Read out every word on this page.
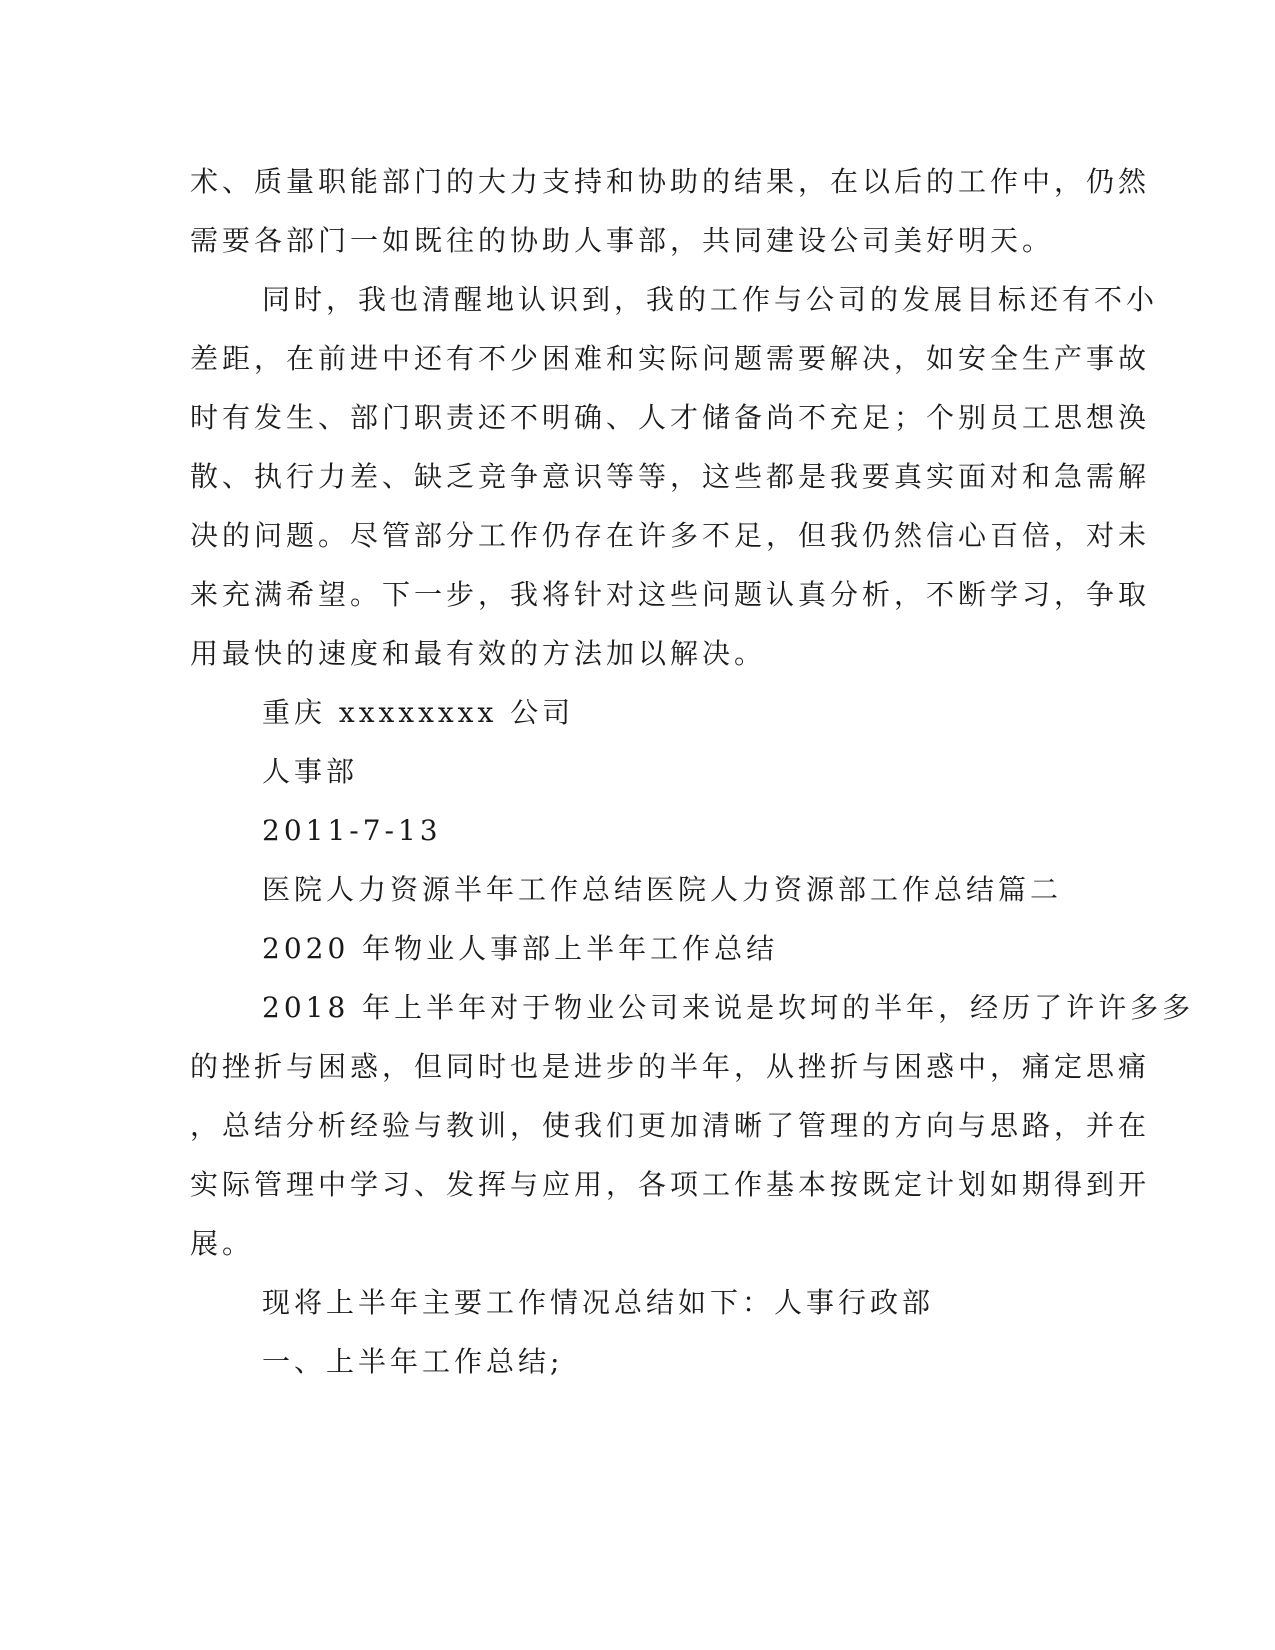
术、质量职能部门的大力支持和协助的结果，在以后的工作中，仍然

需要各部门一如既往的协助人事部，共同建设公司美好明天。

同时，我也清醒地认识到，我的工作与公司的发展目标还有不小

差距，在前进中还有不少困难和实际问题需要解决，如安全生产事故

时有发生、部门职责还不明确、人才储备尚不充足；个别员工思想涣

散、执行力差、缺乏竞争意识等等，这些都是我要真实面对和急需解

决的问题。尽管部分工作仍存在许多不足，但我仍然信心百倍，对未

来充满希望。下一步，我将针对这些问题认真分析，不断学习，争取

用最快的速度和最有效的方法加以解决。

重庆 xxxxxxxx 公司

人事部

2011-7-13

医院人力资源半年工作总结医院人力资源部工作总结篇二

2020 年物业人事部上半年工作总结

2018 年上半年对于物业公司来说是坎坷的半年，经历了许许多多

的挫折与困惑，但同时也是进步的半年，从挫折与困惑中，痛定思痛

，总结分析经验与教训，使我们更加清晰了管理的方向与思路，并在

实际管理中学习、发挥与应用，各项工作基本按既定计划如期得到开

展。

现将上半年主要工作情况总结如下：人事行政部

一、上半年工作总结;
